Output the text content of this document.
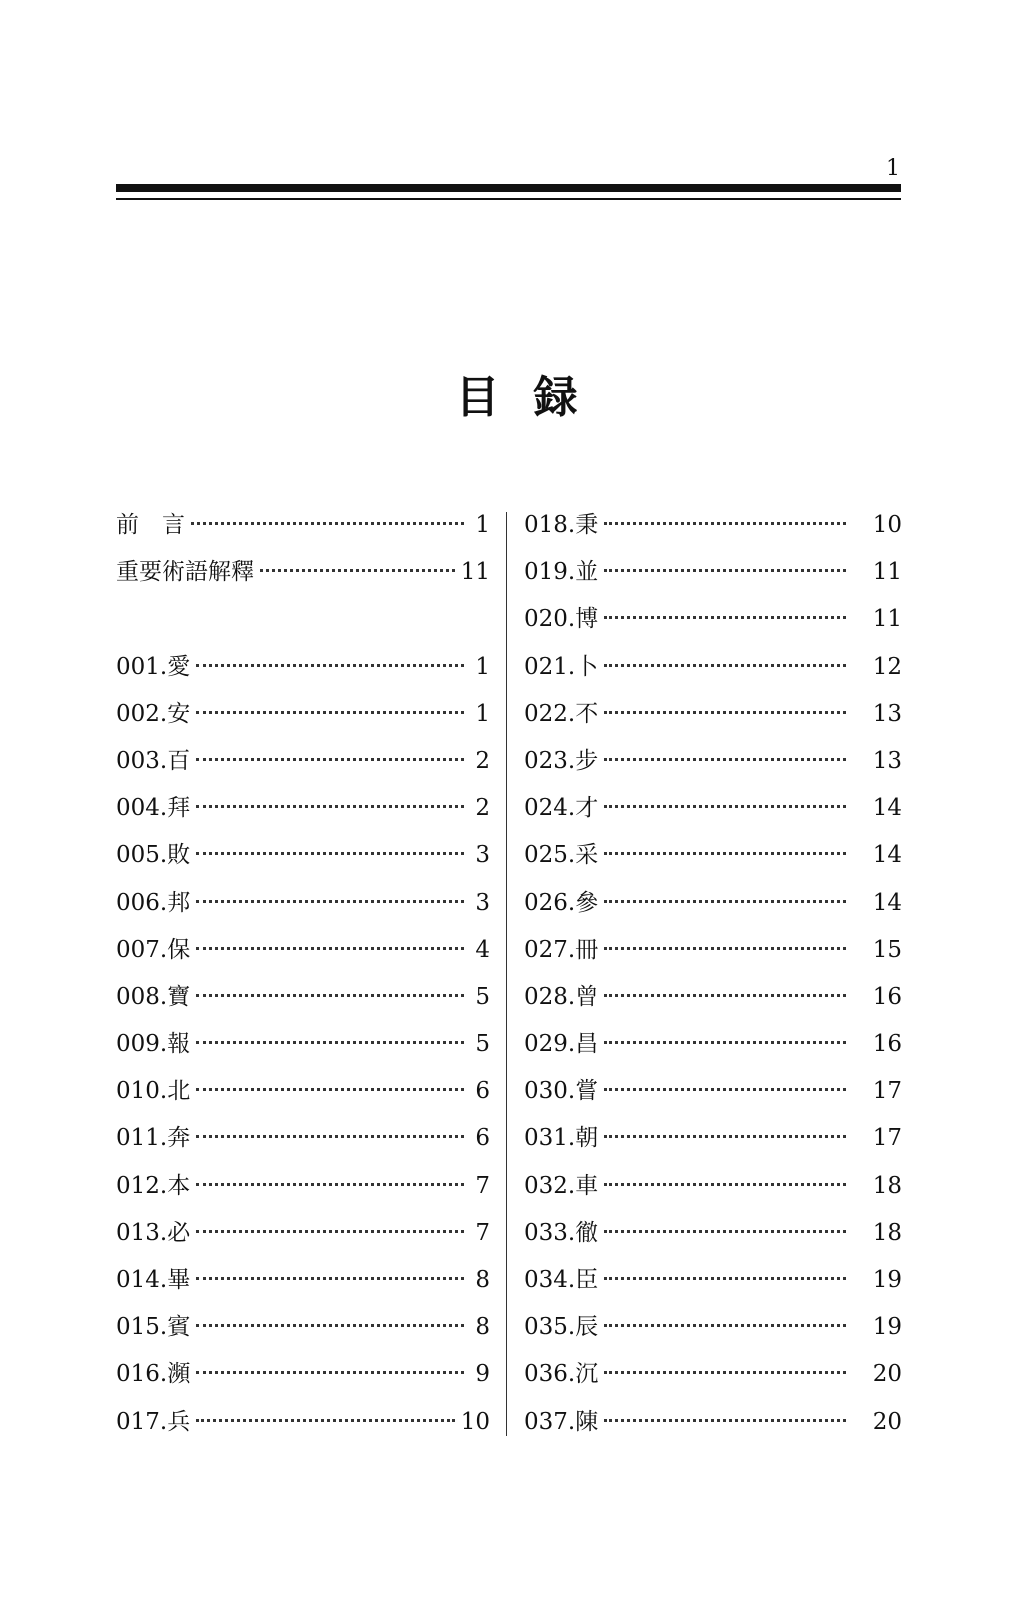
1
目録
前　言	1
重要術語解釋	11
001.愛	1
002.安	1
003.百	2
004.拜	2
005.敗	3
006.邦	3
007.保	4
008.寶	5
009.報	5
010.北	6
011.奔	6
012.本	7
013.必	7
014.畢	8
015.賓	8
016.瀕	9
017.兵	10
018.秉	10
019.並	11
020.博	11
021.卜	12
022.不	13
023.步	13
024.才	14
025.采	14
026.參	14
027.冊	15
028.曾	16
029.昌	16
030.嘗	17
031.朝	17
032.車	18
033.徹	18
034.臣	19
035.辰	19
036.沉	20
037.陳	20
